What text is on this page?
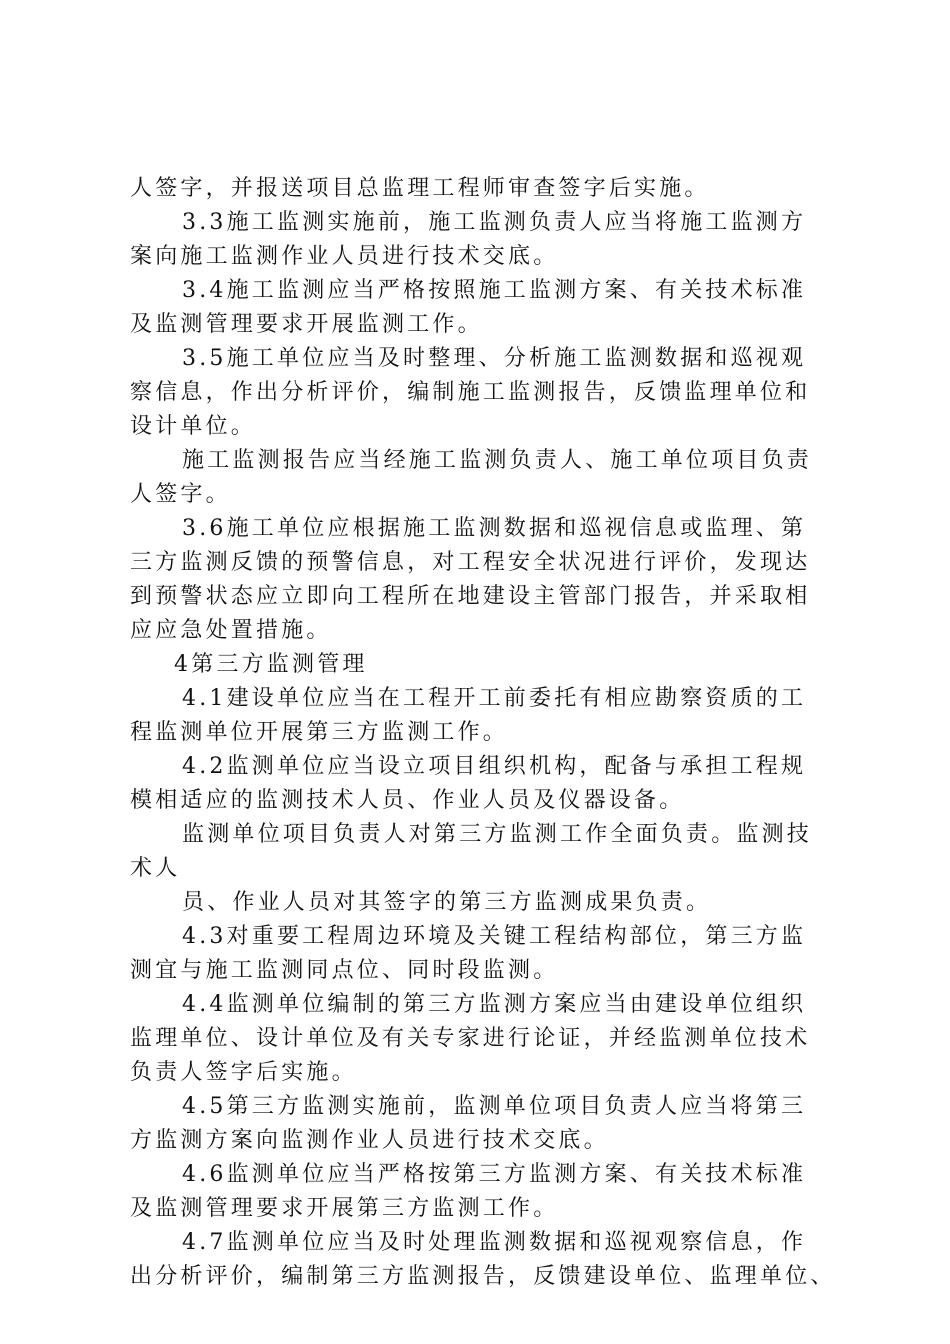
人签字，并报送项目总监理工程师审查签字后实施。
3.3施工监测实施前，施工监测负责人应当将施工监测方
案向施工监测作业人员进行技术交底。
3.4施工监测应当严格按照施工监测方案、有关技术标准
及监测管理要求开展监测工作。
3.5施工单位应当及时整理、分析施工监测数据和巡视观
察信息，作出分析评价，编制施工监测报告，反馈监理单位和
设计单位。
施工监测报告应当经施工监测负责人、施工单位项目负责
人签字。
3.6施工单位应根据施工监测数据和巡视信息或监理、第
三方监测反馈的预警信息，对工程安全状况进行评价，发现达
到预警状态应立即向工程所在地建设主管部门报告，并采取相
应应急处置措施。
4第三方监测管理
4.1建设单位应当在工程开工前委托有相应勘察资质的工
程监测单位开展第三方监测工作。
4.2监测单位应当设立项目组织机构，配备与承担工程规
模相适应的监测技术人员、作业人员及仪器设备。
监测单位项目负责人对第三方监测工作全面负责。监测技
术人
员、作业人员对其签字的第三方监测成果负责。
4.3对重要工程周边环境及关键工程结构部位，第三方监
测宜与施工监测同点位、同时段监测。
4.4监测单位编制的第三方监测方案应当由建设单位组织
监理单位、设计单位及有关专家进行论证，并经监测单位技术
负责人签字后实施。
4.5第三方监测实施前，监测单位项目负责人应当将第三
方监测方案向监测作业人员进行技术交底。
4.6监测单位应当严格按第三方监测方案、有关技术标准
及监测管理要求开展第三方监测工作。
4.7监测单位应当及时处理监测数据和巡视观察信息，作
出分析评价，编制第三方监测报告，反馈建设单位、监理单位、
